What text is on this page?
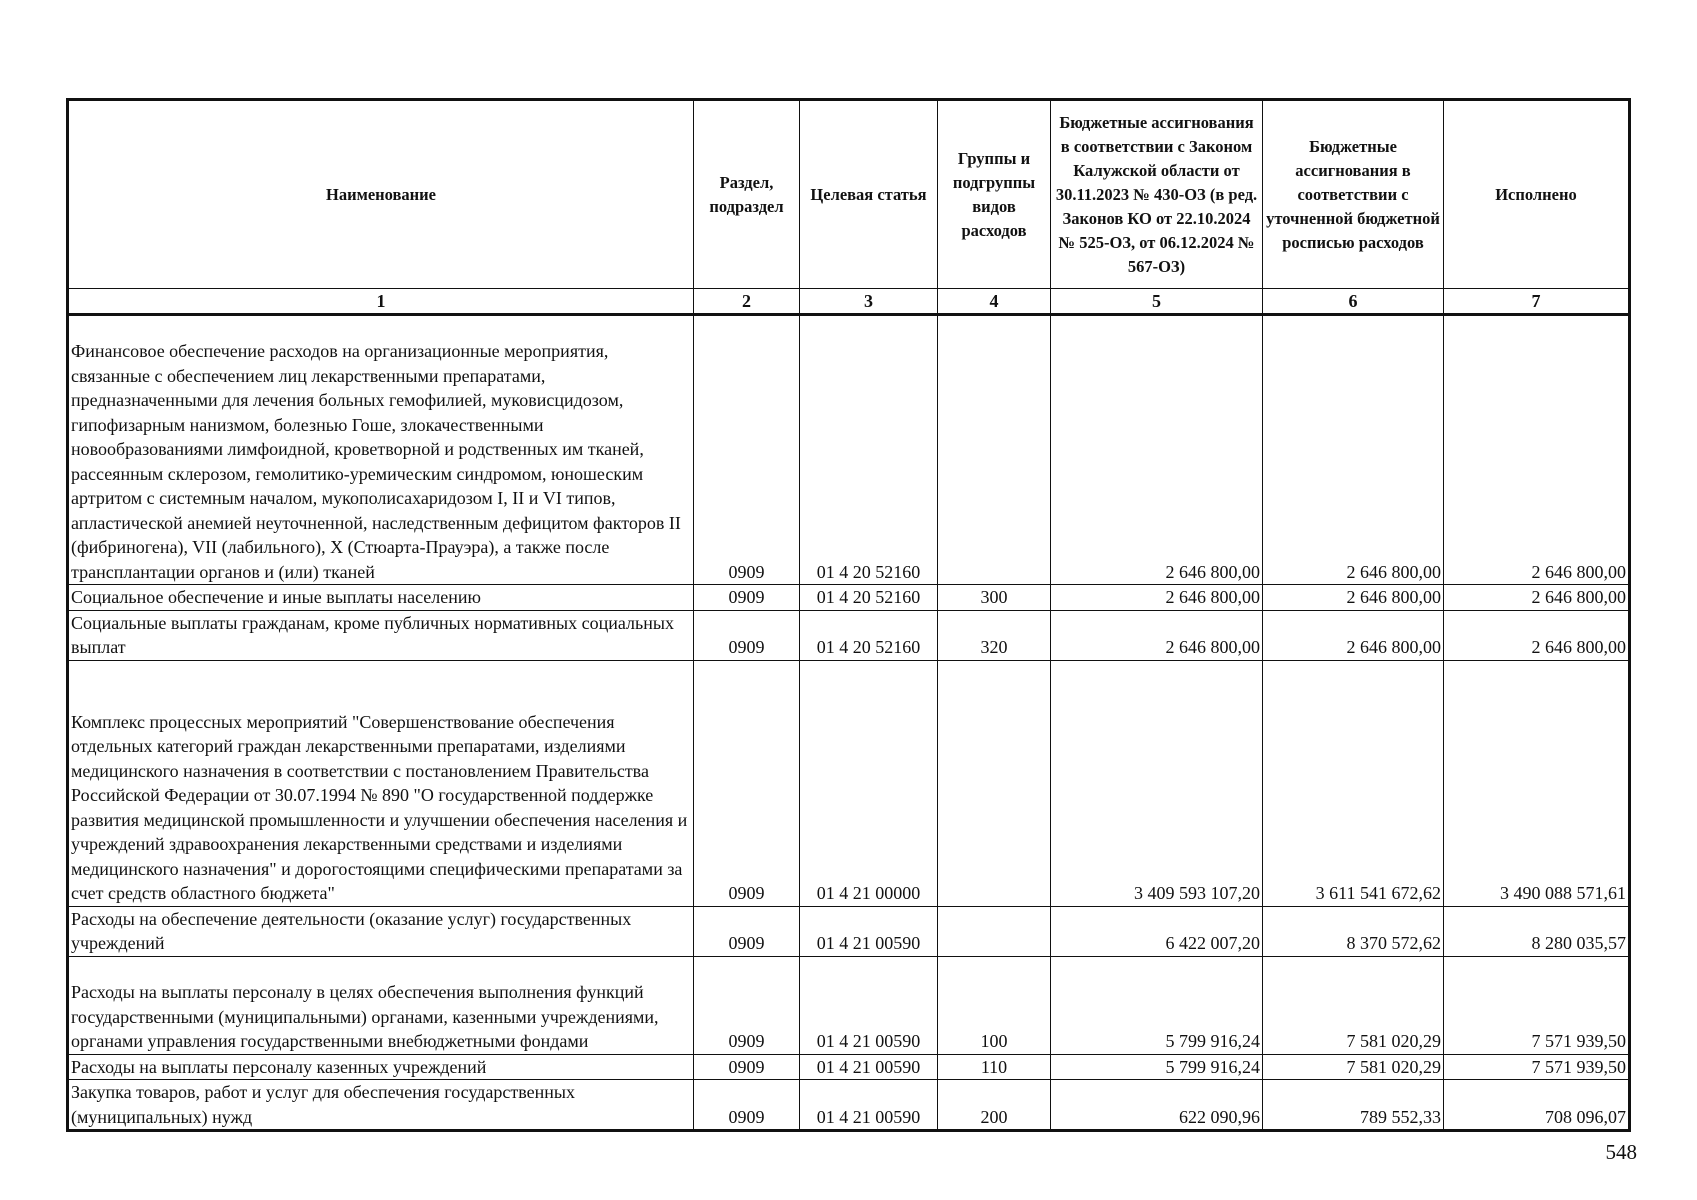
Наименование	Раздел, подраздел	Целевая статья	Группы и подгруппы видов расходов	Бюджетные ассигнования в соответствии с Законом Калужской области от 30.11.2023 № 430-ОЗ (в ред. Законов КО от 22.10.2024 № 525-ОЗ, от 06.12.2024 № 567-ОЗ)	Бюджетные ассигнования в соответствии с уточненной бюджетной росписью расходов	Исполнено
1	2	3	4	5	6	7
Финансовое обеспечение расходов на организационные мероприятия, связанные с обеспечением лиц лекарственными препаратами, предназначенными для лечения больных гемофилией, муковисцидозом, гипофизарным нанизмом, болезнью Гоше, злокачественными новообразованиями лимфоидной, кроветворной и родственных им тканей, рассеянным склерозом, гемолитико-уремическим синдромом, юношеским артритом с системным началом, мукополисахаридозом I, II и VI типов, апластической анемией неуточненной, наследственным дефицитом факторов II (фибриногена), VII (лабильного), X (Стюарта-Прауэра), а также после трансплантации органов и (или) тканей	0909	01 4 20 52160		2 646 800,00	2 646 800,00	2 646 800,00
Социальное обеспечение и иные выплаты населению	0909	01 4 20 52160	300	2 646 800,00	2 646 800,00	2 646 800,00
Социальные выплаты гражданам, кроме публичных нормативных социальных выплат	0909	01 4 20 52160	320	2 646 800,00	2 646 800,00	2 646 800,00
Комплекс процессных мероприятий "Совершенствование обеспечения отдельных категорий граждан лекарственными препаратами, изделиями медицинского назначения в соответствии с постановлением Правительства Российской Федерации от 30.07.1994 № 890 "О государственной поддержке развития медицинской промышленности и улучшении обеспечения населения и учреждений здравоохранения лекарственными средствами и изделиями медицинского назначения" и дорогостоящими специфическими препаратами за счет средств областного бюджета"	0909	01 4 21 00000		3 409 593 107,20	3 611 541 672,62	3 490 088 571,61
Расходы на обеспечение деятельности (оказание услуг) государственных учреждений	0909	01 4 21 00590		6 422 007,20	8 370 572,62	8 280 035,57
Расходы на выплаты персоналу в целях обеспечения выполнения функций государственными (муниципальными) органами, казенными учреждениями, органами управления государственными внебюджетными фондами	0909	01 4 21 00590	100	5 799 916,24	7 581 020,29	7 571 939,50
Расходы на выплаты персоналу казенных учреждений	0909	01 4 21 00590	110	5 799 916,24	7 581 020,29	7 571 939,50
Закупка товаров, работ и услуг для обеспечения государственных (муниципальных) нужд	0909	01 4 21 00590	200	622 090,96	789 552,33	708 096,07
548
